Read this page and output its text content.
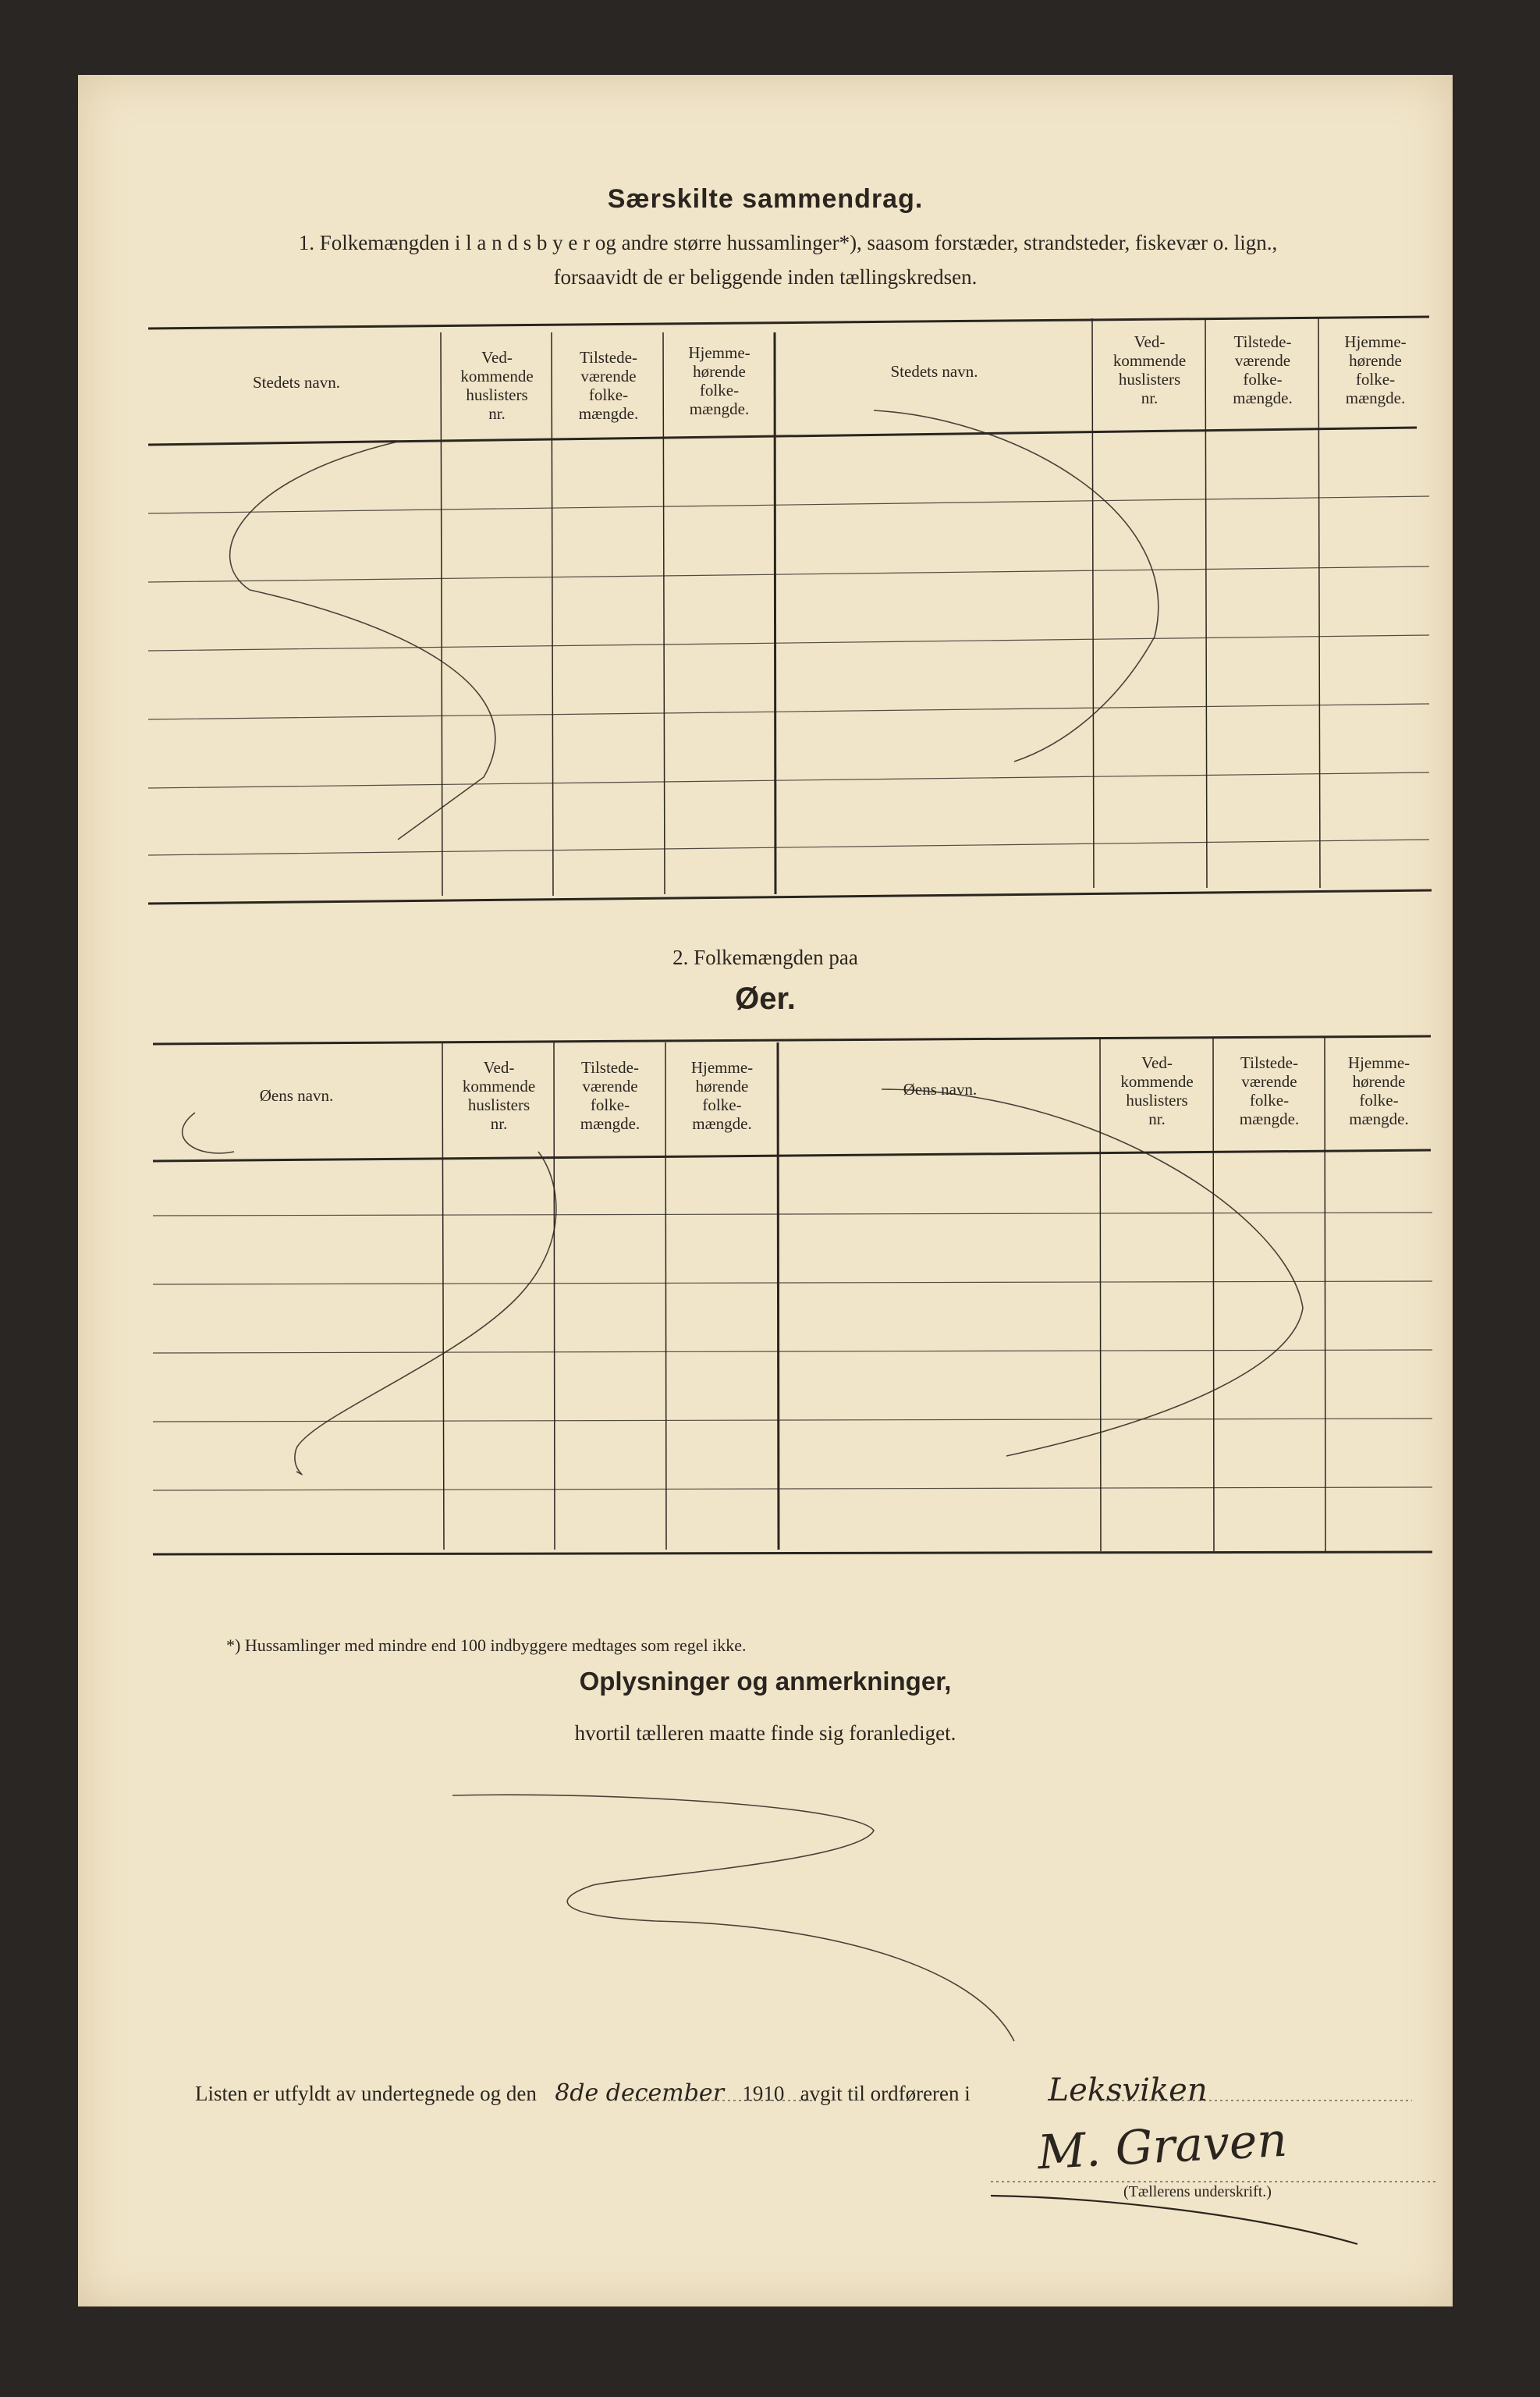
Særskilte sammendrag.
1. Folkemængden i l a n d s b y e r og andre større hussamlinger*), saasom forstæder, strandsteder, fiskevær o. lign.,
forsaavidt de er beliggende inden tællingskredsen.
Stedets navn.
Ved-
kommende
huslisters
nr.
Tilstede-
værende
folke-
mængde.
Hjemme-
hørende
folke-
mængde.
Stedets navn.
Ved-
kommende
huslisters
nr.
Tilstede-
værende
folke-
mængde.
Hjemme-
hørende
folke-
mængde.
2. Folkemængden paa
Øer.
Øens navn.
Ved-
kommende
huslisters
nr.
Tilstede-
værende
folke-
mængde.
Hjemme-
hørende
folke-
mængde.
Øens navn.
Ved-
kommende
huslisters
nr.
Tilstede-
værende
folke-
mængde.
Hjemme-
hørende
folke-
mængde.
*) Hussamlinger med mindre end 100 indbyggere medtages som regel ikke.
Oplysninger og anmerkninger,
hvortil tælleren maatte finde sig foranlediget.
Listen er utfyldt av undertegnede og den 8de december 1910 avgit til ordføreren i Leksviken
M. Graven
(Tællerens underskrift.)
